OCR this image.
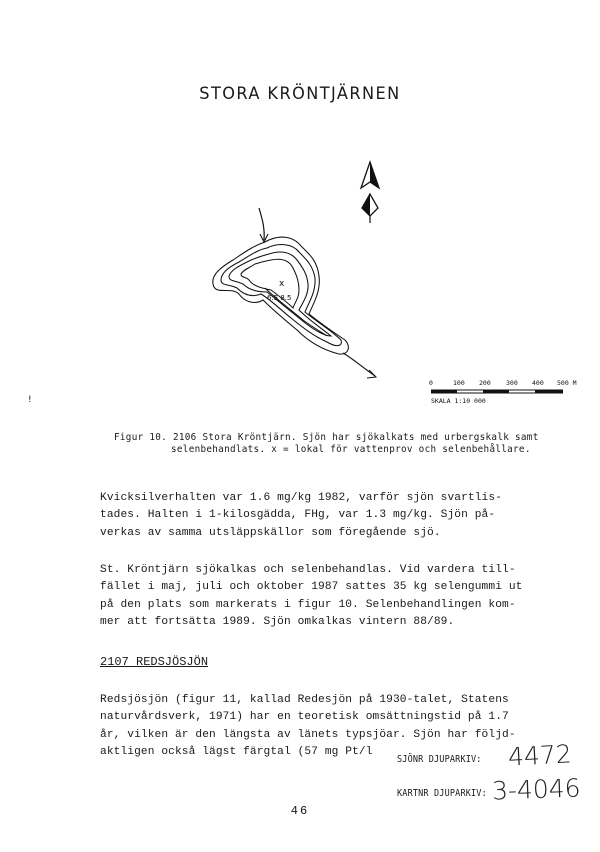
STORA KRÖNTJÄRNEN
x
6.5 8.5
0	100 200 300 400 500 M
SKALA 1:10 000
!
Figur 10. 2106 Stora Kröntjärn. Sjön har sjökalkats med urbergskalk samt
selenbehandlats. x = lokal för vattenprov och selenbehållare.
Kvicksilverhalten var 1.6 mg/kg 1982, varför sjön svartlis-
tades. Halten i 1-kilosgädda, FHg, var 1.3 mg/kg. Sjön på-
verkas av samma utsläppskällor som föregående sjö.
St. Kröntjärn sjökalkas och selenbehandlas. Vid vardera till-
fället i maj, juli och oktober 1987 sattes 35 kg selengummi ut
på den plats som markerats i figur 10. Selenbehandlingen kom-
mer att fortsätta 1989. Sjön omkalkas vintern 88/89.
2107 REDSJÖSJÖN
Redsjösjön (figur 11, kallad Redesjön på 1930-talet, Statens
naturvårdsverk, 1971) har en teoretisk omsättningstid på 1.7
år, vilken är den längsta av länets typsjöar. Sjön har följd-
aktligen också lägst färgtal (57 mg Pt/l
SJÖNR DJUPARKIV: 4472
KARTNR DJUPARKIV: 3-4046
46
